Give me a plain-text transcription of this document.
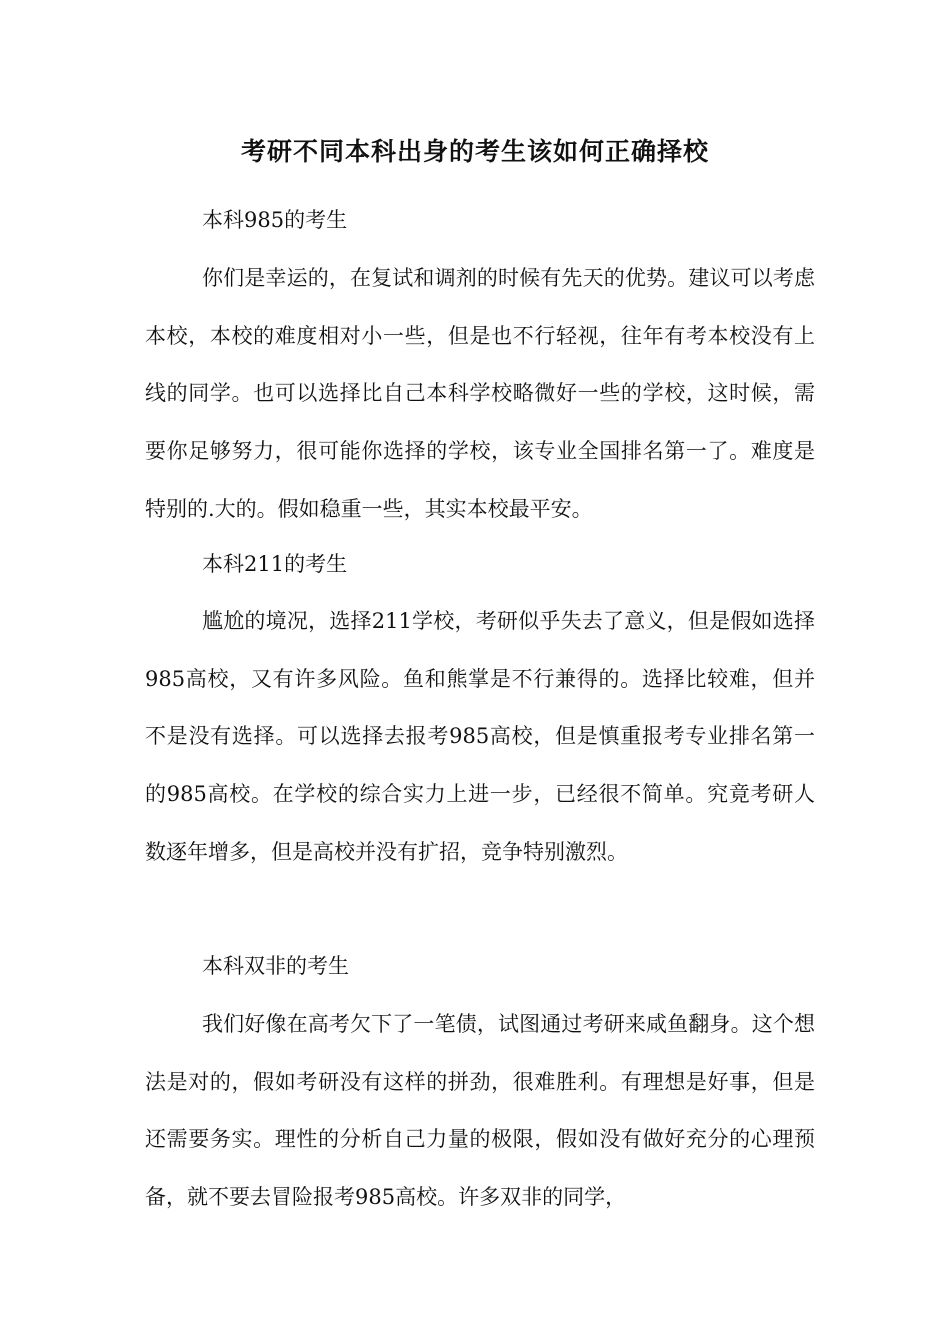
考研不同本科出身的考生该如何正确择校
本科985的考生
你们是幸运的，在复试和调剂的时候有先天的优势。建议可以考虑本校，本校的难度相对小一些，但是也不行轻视，往年有考本校没有上线的同学。也可以选择比自己本科学校略微好一些的学校，这时候，需要你足够努力，很可能你选择的学校，该专业全国排名第一了。难度是特别的.大的。假如稳重一些，其实本校最平安。
本科211的考生
尴尬的境况，选择211学校，考研似乎失去了意义，但是假如选择985高校，又有许多风险。鱼和熊掌是不行兼得的。选择比较难，但并不是没有选择。可以选择去报考985高校，但是慎重报考专业排名第一的985高校。在学校的综合实力上进一步，已经很不简单。究竟考研人数逐年增多，但是高校并没有扩招，竞争特别激烈。
本科双非的考生
我们好像在高考欠下了一笔债，试图通过考研来咸鱼翻身。这个想法是对的，假如考研没有这样的拼劲，很难胜利。有理想是好事，但是还需要务实。理性的分析自己力量的极限，假如没有做好充分的心理预备，就不要去冒险报考985高校。许多双非的同学，
